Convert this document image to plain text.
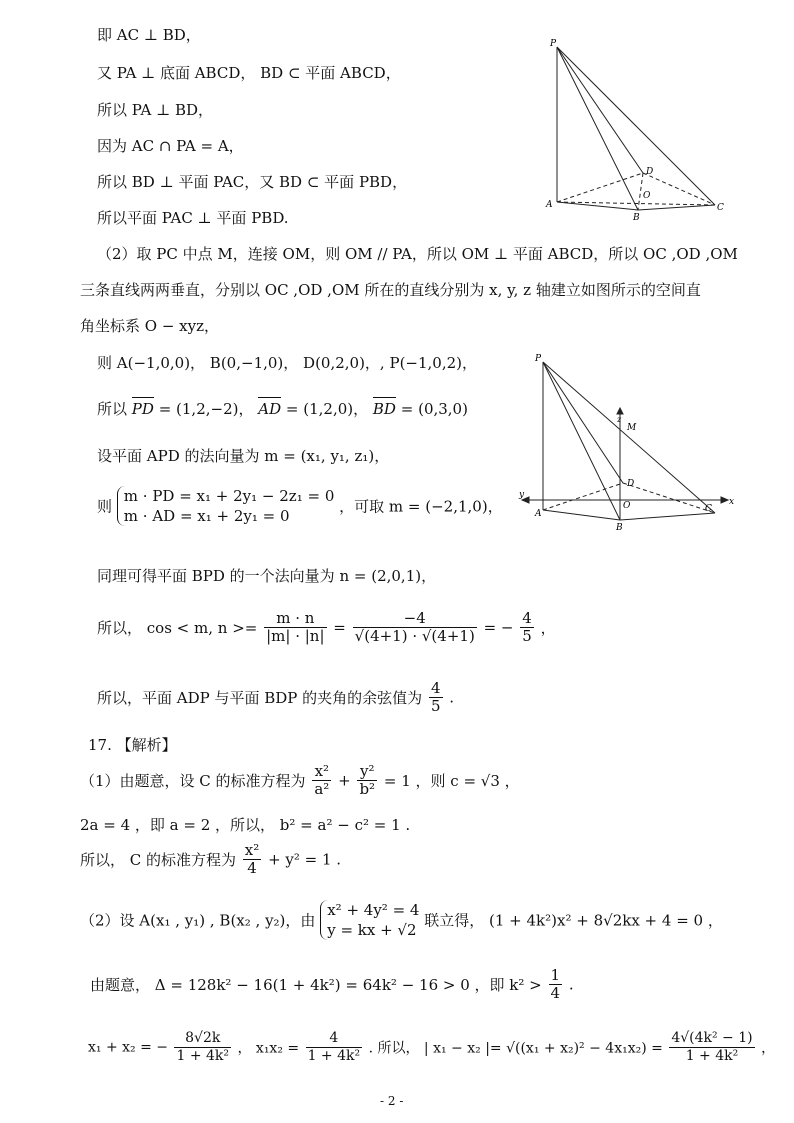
即 AC ⊥ BD，
又 PA ⊥ 底面 ABCD， BD ⊂ 平面 ABCD，
所以 PA ⊥ BD，
因为 AC ∩ PA = A，
所以 BD ⊥ 平面 PAC，又 BD ⊂ 平面 PBD，
所以平面 PAC ⊥ 平面 PBD.
P
A
B
C
D
O
（2）取 PC 中点 M，连接 OM，则 OM // PA，所以 OM ⊥ 平面 ABCD，所以 OC ,OD ,OM
三条直线两两垂直，分别以 OC ,OD ,OM 所在的直线分别为 x, y, z 轴建立如图所示的空间直
角坐标系 O − xyz，
则 A(−1,0,0)， B(0,−1,0)， D(0,2,0)，, P(−1,0,2)，
所以 PD = (1,2,−2)， AD = (1,2,0)， BD = (0,3,0)
设平面 APD 的法向量为 m = (x₁, y₁, z₁)，
则
m · PD = x₁ + 2y₁ − 2z₁ = 0
m · AD = x₁ + 2y₁ = 0
，可取 m = (−2,1,0)，
P
M
z
D
O
y
x
A
B
C
同理可得平面 BPD 的一个法向量为 n = (2,0,1)，
所以， cos < m, $n >= \frac{m \cdot n}{|m| \cdot |n|} = \frac{-4}{√(4+1) \cdot √(4+1)}$ = − $\frac{4}{5}$ ，
所以，平面 ADP 与平面 BDP 的夹角的余弦值为 $\frac{4}{5}$ .
17. 【解析】
（1）由题意，设 C 的标准方程为 $\frac{\text{x²}}{\text{a²}} + \frac{\text{y²}}{\text{b²}} = 1$ ，则 c = √3 ，
2a = 4 ，即 a = 2 ，所以， b² = a² − c² = 1 .
所以， C 的标准方程为 $\frac{\text{x²}}{4} + y^2 = 1$ .
（2）设 A(x₁ , y₁) , B(x₂ , y₂)，由
x² + 4y² = 4
y = kx + √2
联立得， (1 + 4k²)x² + 8√2kx + 4 = 0 ，
由题意， Δ = 128k² − 16(1 + 4k²) = 64k² − 16 > 0 ，即 $k^2 > \frac{1}{4}$ .
x₁ + x₂ = − $\frac{8√2k}{\text{1 + 4k²}}$ ， $x_1x_2 = \frac{4}{\text{1 + 4k²}}$ . 所以， | x₁ − x₂ |= $√((x_1 + x_2)^2 - 4x_1x_2) = \frac{\text{4√(4k² − 1)}}{\text{1 + 4k²}}$ ，
- 2 -
